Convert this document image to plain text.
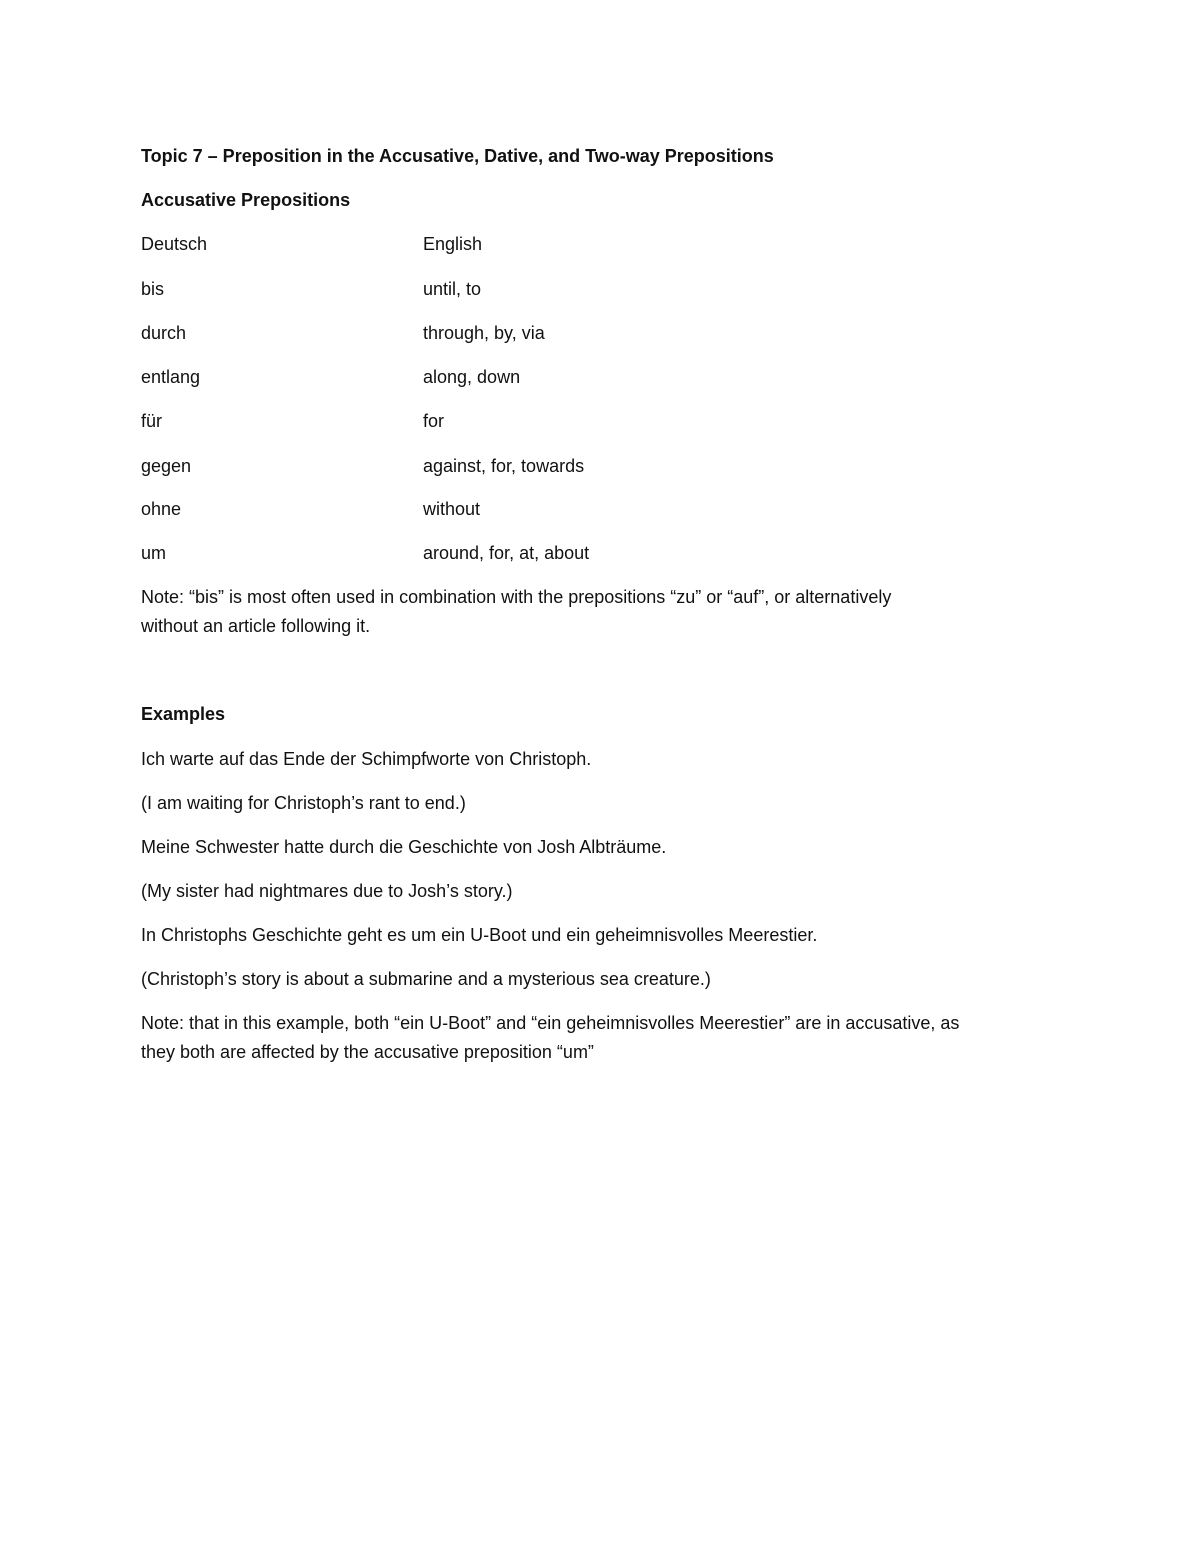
Topic 7 – Preposition in the Accusative, Dative, and Two-way Prepositions

Accusative Prepositions

Deutsch	English
bis	until, to
durch	through, by, via
entlang	along, down
für	for
gegen	against, for, towards
ohne	without
um	around, for, at, about

Note: “bis” is most often used in combination with the prepositions “zu” or “auf”, or alternatively

without an article following it.

Examples

Ich warte auf das Ende der Schimpfworte von Christoph.

(I am waiting for Christoph’s rant to end.)

Meine Schwester hatte durch die Geschichte von Josh Albträume.

(My sister had nightmares due to Josh’s story.)

In Christophs Geschichte geht es um ein U-Boot und ein geheimnisvolles Meerestier.

(Christoph’s story is about a submarine and a mysterious sea creature.)

Note: that in this example, both “ein U-Boot” and “ein geheimnisvolles Meerestier” are in accusative, as

they both are affected by the accusative preposition “um”
